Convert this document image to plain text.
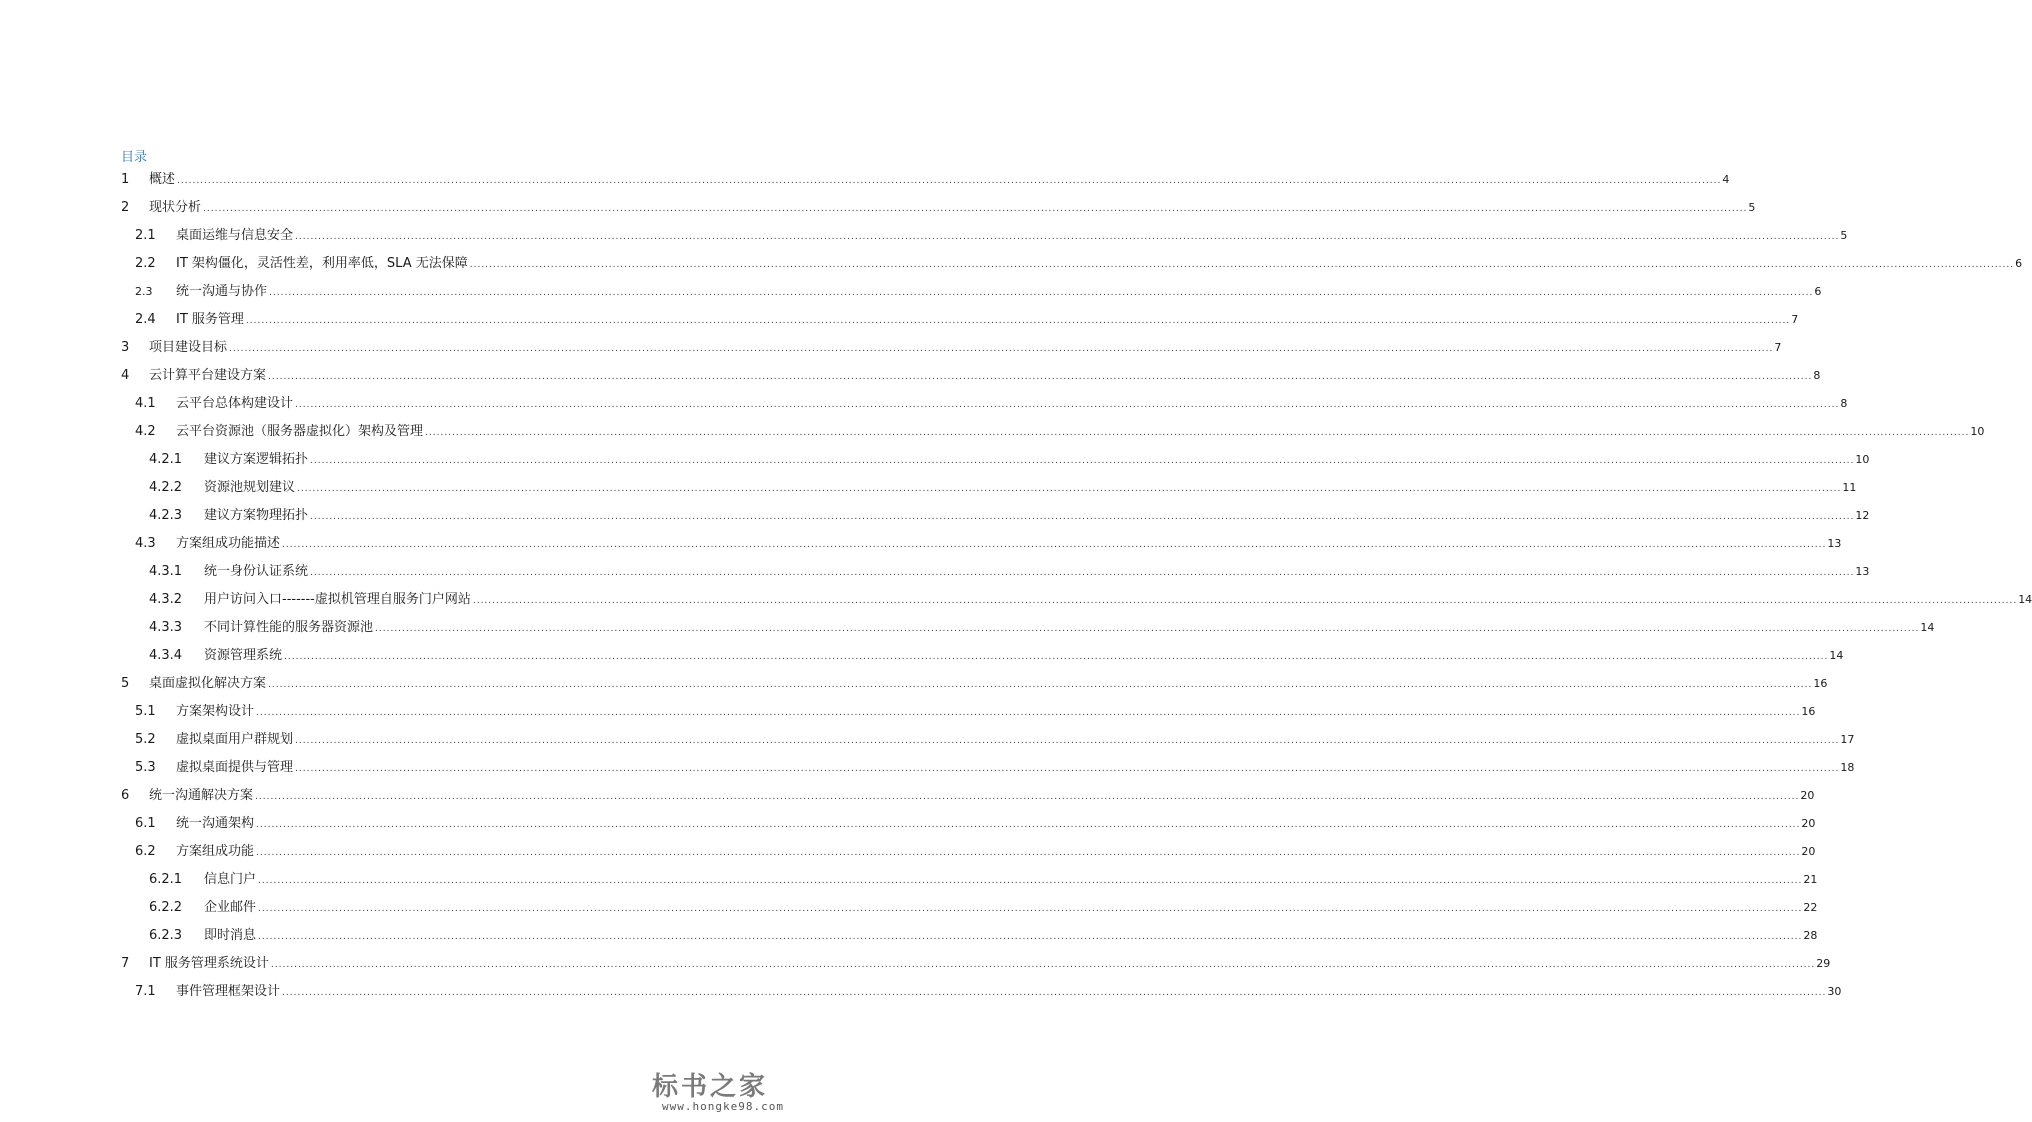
目录
1 概述 ................................................................................................................................................................................................................................................................................................................................................................................................................ 4
2 现状分析 ................................................................................................................................................................................................................................................................................................................................................................................................................ 5
2.1 桌面运维与信息安全 ................................................................................................................................................................................................................................................................................................................................................................................................................ 5
2.2 IT 架构僵化，灵活性差，利用率低，SLA 无法保障 ................................................................................................................................................................................................................................................................................................................................................................................................................ 6
2.3 统一沟通与协作 ................................................................................................................................................................................................................................................................................................................................................................................................................ 6
2.4 IT 服务管理 ................................................................................................................................................................................................................................................................................................................................................................................................................ 7
3 项目建设目标 ................................................................................................................................................................................................................................................................................................................................................................................................................ 7
4 云计算平台建设方案 ................................................................................................................................................................................................................................................................................................................................................................................................................ 8
4.1 云平台总体构建设计 ................................................................................................................................................................................................................................................................................................................................................................................................................ 8
4.2 云平台资源池（服务器虚拟化）架构及管理 ................................................................................................................................................................................................................................................................................................................................................................................................................ 10
4.2.1 建议方案逻辑拓扑 ................................................................................................................................................................................................................................................................................................................................................................................................................ 10
4.2.2 资源池规划建议 ................................................................................................................................................................................................................................................................................................................................................................................................................ 11
4.2.3 建议方案物理拓扑 ................................................................................................................................................................................................................................................................................................................................................................................................................ 12
4.3 方案组成功能描述 ................................................................................................................................................................................................................................................................................................................................................................................................................ 13
4.3.1 统一身份认证系统 ................................................................................................................................................................................................................................................................................................................................................................................................................ 13
4.3.2 用户访问入口-------虚拟机管理自服务门户网站 ................................................................................................................................................................................................................................................................................................................................................................................................................ 14
4.3.3 不同计算性能的服务器资源池 ................................................................................................................................................................................................................................................................................................................................................................................................................ 14
4.3.4 资源管理系统 ................................................................................................................................................................................................................................................................................................................................................................................................................ 14
5 桌面虚拟化解决方案 ................................................................................................................................................................................................................................................................................................................................................................................................................ 16
5.1 方案架构设计 ................................................................................................................................................................................................................................................................................................................................................................................................................ 16
5.2 虚拟桌面用户群规划 ................................................................................................................................................................................................................................................................................................................................................................................................................ 17
5.3 虚拟桌面提供与管理 ................................................................................................................................................................................................................................................................................................................................................................................................................ 18
6 统一沟通解决方案 ................................................................................................................................................................................................................................................................................................................................................................................................................ 20
6.1 统一沟通架构 ................................................................................................................................................................................................................................................................................................................................................................................................................ 20
6.2 方案组成功能 ................................................................................................................................................................................................................................................................................................................................................................................................................ 20
6.2.1 信息门户 ................................................................................................................................................................................................................................................................................................................................................................................................................ 21
6.2.2 企业邮件 ................................................................................................................................................................................................................................................................................................................................................................................................................ 22
6.2.3 即时消息 ................................................................................................................................................................................................................................................................................................................................................................................................................ 28
7 IT 服务管理系统设计 ................................................................................................................................................................................................................................................................................................................................................................................................................ 29
7.1 事件管理框架设计 ................................................................................................................................................................................................................................................................................................................................................................................................................ 30
标书之家
www.hongke98.com
